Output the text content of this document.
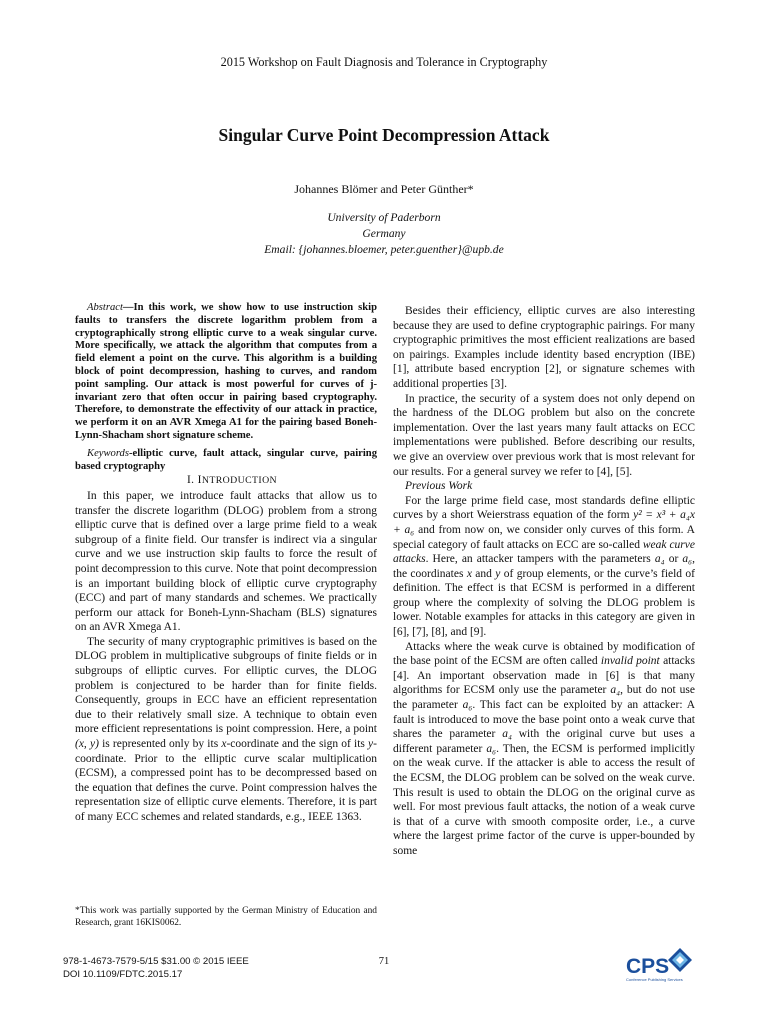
2015 Workshop on Fault Diagnosis and Tolerance in Cryptography
Singular Curve Point Decompression Attack
Johannes Blömer and Peter Günther*
University of Paderborn
Germany
Email: {johannes.bloemer, peter.guenther}@upb.de

Abstract—In this work, we show how to use instruction skip faults to transfers the discrete logarithm problem from a cryptographically strong elliptic curve to a weak singular curve. More specifically, we attack the algorithm that computes from a field element a point on the curve. This algorithm is a building block of point decompression, hashing to curves, and random point sampling. Our attack is most powerful for curves of j-invariant zero that often occur in pairing based cryptography. Therefore, to demonstrate the effectivity of our attack in practice, we perform it on an AVR Xmega A1 for the pairing based Boneh-Lynn-Shacham short signature scheme.

Keywords-elliptic curve, fault attack, singular curve, pairing based cryptography

I. INTRODUCTION

In this paper, we introduce fault attacks that allow us to transfer the discrete logarithm (DLOG) problem from a strong elliptic curve that is defined over a large prime field to a weak subgroup of a finite field. Our transfer is indirect via a singular curve and we use instruction skip faults to force the result of point decompression to this curve. Note that point decompression is an important building block of elliptic curve cryptography (ECC) and part of many standards and schemes. We practically perform our attack for Boneh-Lynn-Shacham (BLS) signatures on an AVR Xmega A1.

The security of many cryptographic primitives is based on the DLOG problem in multiplicative subgroups of finite fields or in subgroups of elliptic curves. For elliptic curves, the DLOG problem is conjectured to be harder than for finite fields. Consequently, groups in ECC have an efficient representation due to their relatively small size. A technique to obtain even more efficient representations is point compression. Here, a point (x, y) is represented only by its x-coordinate and the sign of its y-coordinate. Prior to the elliptic curve scalar multiplication (ECSM), a compressed point has to be decompressed based on the equation that defines the curve. Point compression halves the representation size of elliptic curve elements. Therefore, it is part of many ECC schemes and related standards, e.g., IEEE 1363.

*This work was partially supported by the German Ministry of Education and Research, grant 16KIS0062.

Besides their efficiency, elliptic curves are also interesting because they are used to define cryptographic pairings. For many cryptographic primitives the most efficient realizations are based on pairings. Examples include identity based encryption (IBE) [1], attribute based encryption [2], or signature schemes with additional properties [3].

In practice, the security of a system does not only depend on the hardness of the DLOG problem but also on the concrete implementation. Over the last years many fault attacks on ECC implementations were published. Before describing our results, we give an overview over previous work that is most relevant for our results. For a general survey we refer to [4], [5].

Previous Work

For the large prime field case, most standards define elliptic curves by a short Weierstrass equation of the form y² = x³ + a₄x + a₆ and from now on, we consider only curves of this form. A special category of fault attacks on ECC are so-called weak curve attacks. Here, an attacker tampers with the parameters a₄ or a₆, the coordinates x and y of group elements, or the curve’s field of definition. The effect is that ECSM is performed in a different group where the complexity of solving the DLOG problem is lower. Notable examples for attacks in this category are given in [6], [7], [8], and [9].

Attacks where the weak curve is obtained by modification of the base point of the ECSM are often called invalid point attacks [4]. An important observation made in [6] is that many algorithms for ECSM only use the parameter a₄, but do not use the parameter a₆. This fact can be exploited by an attacker: A fault is introduced to move the base point onto a weak curve that shares the parameter a₄ with the original curve but uses a different parameter a₆. Then, the ECSM is performed implicitly on the weak curve. If the attacker is able to access the result of the ECSM, the DLOG problem can be solved on the weak curve. This result is used to obtain the DLOG on the original curve as well. For most previous fault attacks, the notion of a weak curve is that of a curve with smooth composite order, i.e., a curve where the largest prime factor of the curve is upper-bounded by some

978-1-4673-7579-5/15 $31.00 © 2015 IEEE
DOI 10.1109/FDTC.2015.17
71	CPS
Conference Publishing Services
